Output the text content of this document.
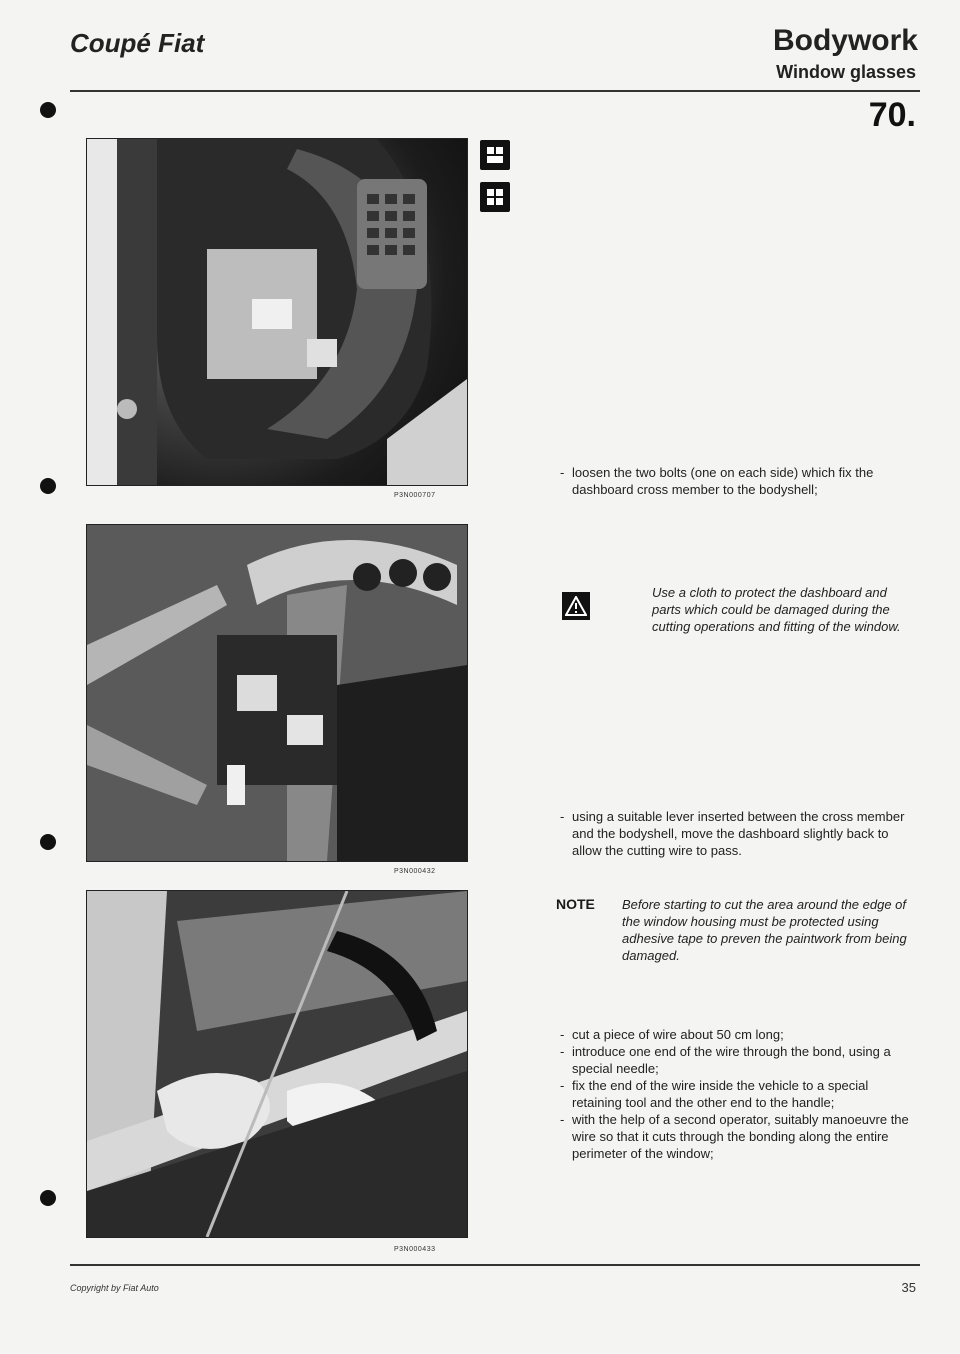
Coupé Fiat	Bodywork
Window glasses
70.
P3N000707
P3N000432
P3N000433
- loosen the two bolts (one on each side) which fix the dashboard cross member to the bodyshell;
Use a cloth to protect the dashboard and parts which could be damaged during the cutting operations and fitting of the window.
- using a suitable lever inserted between the cross member and the bodyshell, move the dashboard slightly back to allow the cutting wire to pass.
NOTE Before starting to cut the area around the edge of the window housing must be protected using adhesive tape to preven the paintwork from being damaged.
- cut a piece of wire about 50 cm long;
- introduce one end of the wire through the bond, using a special needle;
- fix the end of the wire inside the vehicle to a special retaining tool and the other end to the handle;
- with the help of a second operator, suitably manoeuvre the wire so that it cuts through the bonding along the entire perimeter of the window;
Copyright by Fiat Auto	35
